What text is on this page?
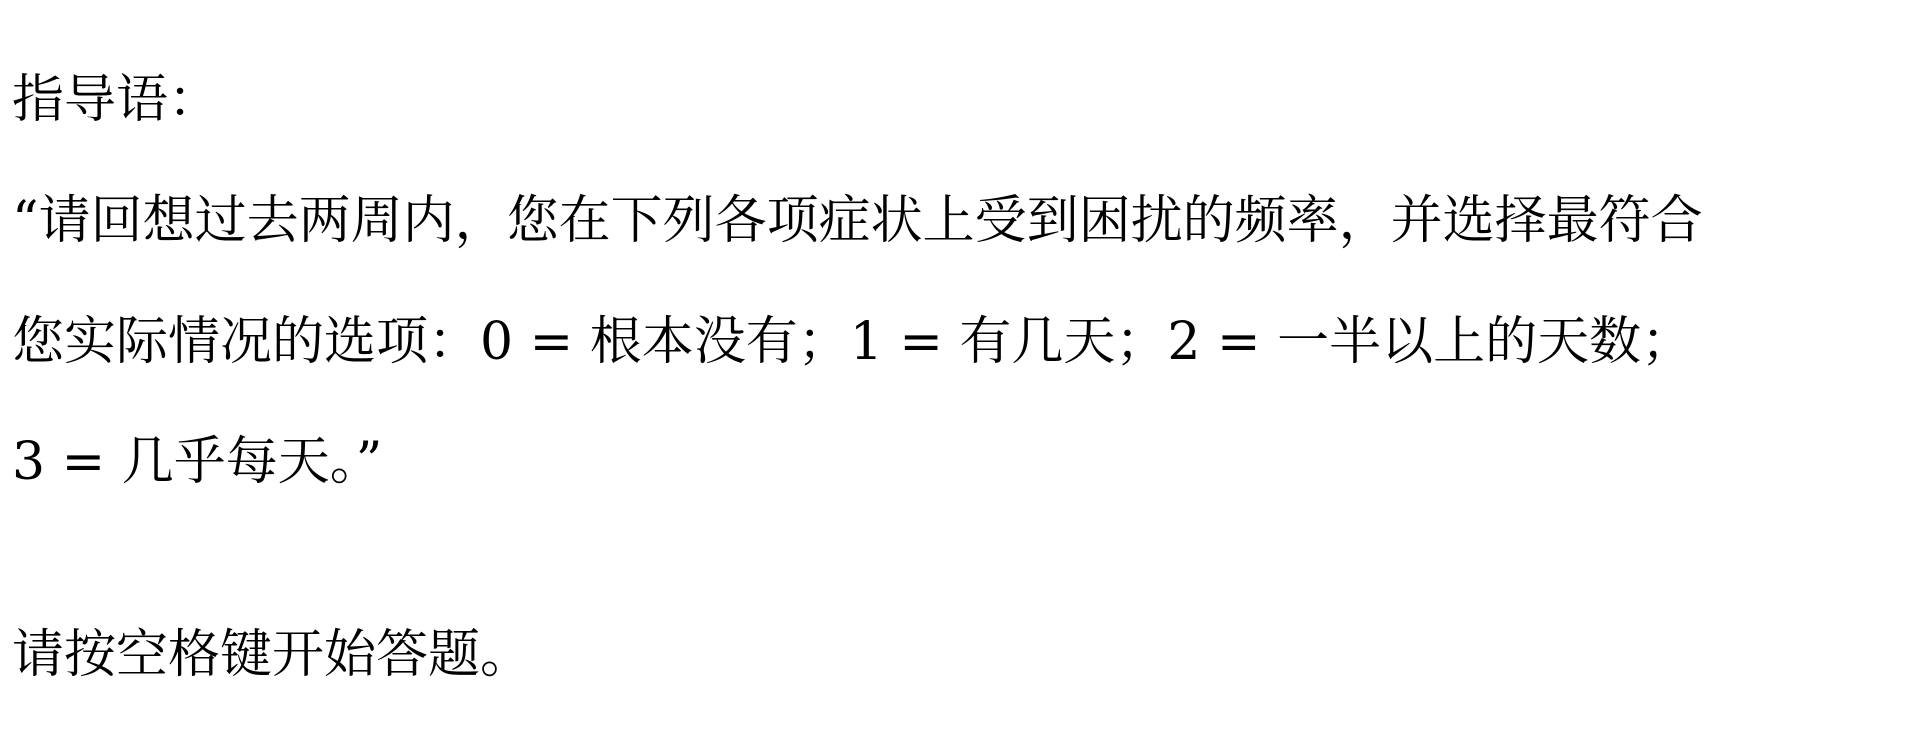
指导语：

“请回想过去两周内，您在下列各项症状上受到困扰的频率，并选择最符合

您实际情况的选项：0 = 根本没有；1 = 有几天；2 = 一半以上的天数；

3 = 几乎每天。”

请按空格键开始答题。
